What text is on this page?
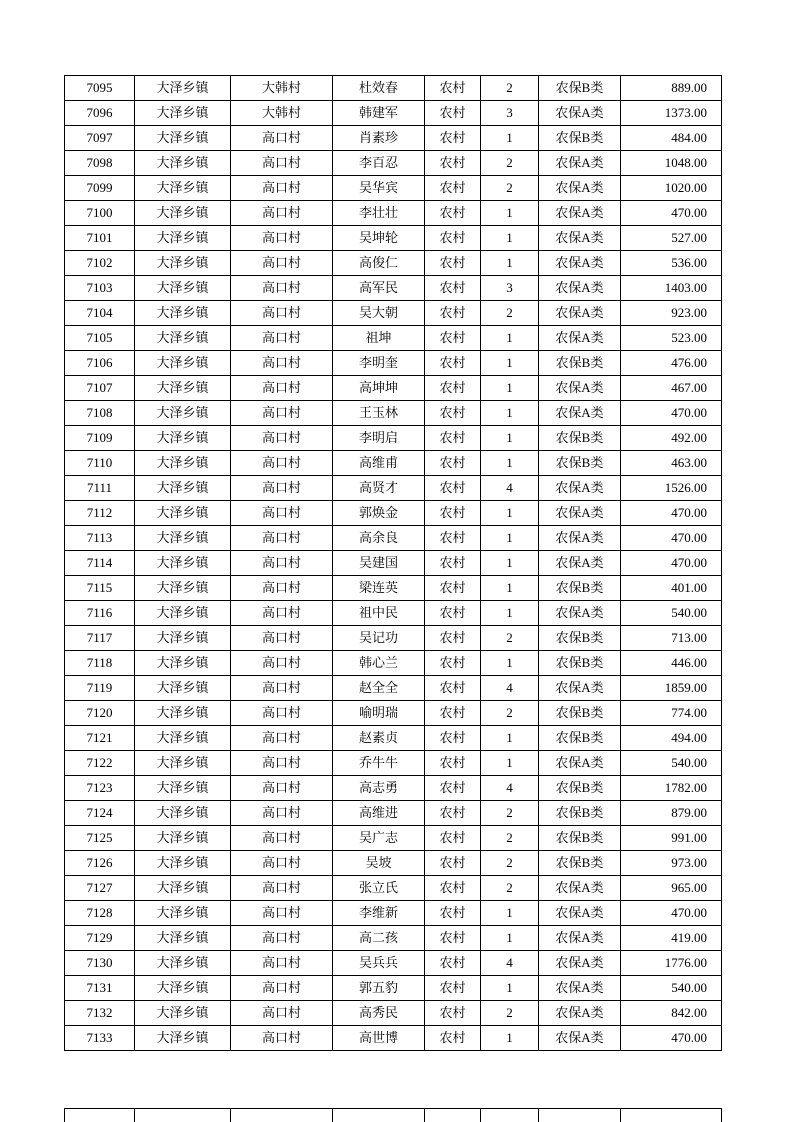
7095	大泽乡镇	大韩村	杜效春	农村	2	农保B类	889.00
7096	大泽乡镇	大韩村	韩建军	农村	3	农保A类	1373.00
7097	大泽乡镇	高口村	肖素珍	农村	1	农保B类	484.00
7098	大泽乡镇	高口村	李百忍	农村	2	农保A类	1048.00
7099	大泽乡镇	高口村	吴华宾	农村	2	农保A类	1020.00
7100	大泽乡镇	高口村	李壮壮	农村	1	农保A类	470.00
7101	大泽乡镇	高口村	吴坤轮	农村	1	农保A类	527.00
7102	大泽乡镇	高口村	高俊仁	农村	1	农保A类	536.00
7103	大泽乡镇	高口村	高军民	农村	3	农保A类	1403.00
7104	大泽乡镇	高口村	吴大朝	农村	2	农保A类	923.00
7105	大泽乡镇	高口村	祖坤	农村	1	农保A类	523.00
7106	大泽乡镇	高口村	李明奎	农村	1	农保B类	476.00
7107	大泽乡镇	高口村	高坤坤	农村	1	农保A类	467.00
7108	大泽乡镇	高口村	王玉林	农村	1	农保A类	470.00
7109	大泽乡镇	高口村	李明启	农村	1	农保B类	492.00
7110	大泽乡镇	高口村	高维甫	农村	1	农保B类	463.00
7111	大泽乡镇	高口村	高贤才	农村	4	农保A类	1526.00
7112	大泽乡镇	高口村	郭焕金	农村	1	农保A类	470.00
7113	大泽乡镇	高口村	高余良	农村	1	农保A类	470.00
7114	大泽乡镇	高口村	吴建国	农村	1	农保A类	470.00
7115	大泽乡镇	高口村	梁连英	农村	1	农保B类	401.00
7116	大泽乡镇	高口村	祖中民	农村	1	农保A类	540.00
7117	大泽乡镇	高口村	吴记功	农村	2	农保B类	713.00
7118	大泽乡镇	高口村	韩心兰	农村	1	农保B类	446.00
7119	大泽乡镇	高口村	赵全全	农村	4	农保A类	1859.00
7120	大泽乡镇	高口村	喻明瑞	农村	2	农保B类	774.00
7121	大泽乡镇	高口村	赵素贞	农村	1	农保B类	494.00
7122	大泽乡镇	高口村	乔牛牛	农村	1	农保A类	540.00
7123	大泽乡镇	高口村	高志勇	农村	4	农保B类	1782.00
7124	大泽乡镇	高口村	高维进	农村	2	农保B类	879.00
7125	大泽乡镇	高口村	吴广志	农村	2	农保B类	991.00
7126	大泽乡镇	高口村	吴坡	农村	2	农保B类	973.00
7127	大泽乡镇	高口村	张立氏	农村	2	农保A类	965.00
7128	大泽乡镇	高口村	李维新	农村	1	农保A类	470.00
7129	大泽乡镇	高口村	高二孩	农村	1	农保A类	419.00
7130	大泽乡镇	高口村	吴兵兵	农村	4	农保A类	1776.00
7131	大泽乡镇	高口村	郭五豹	农村	1	农保A类	540.00
7132	大泽乡镇	高口村	高秀民	农村	2	农保A类	842.00
7133	大泽乡镇	高口村	高世博	农村	1	农保A类	470.00
